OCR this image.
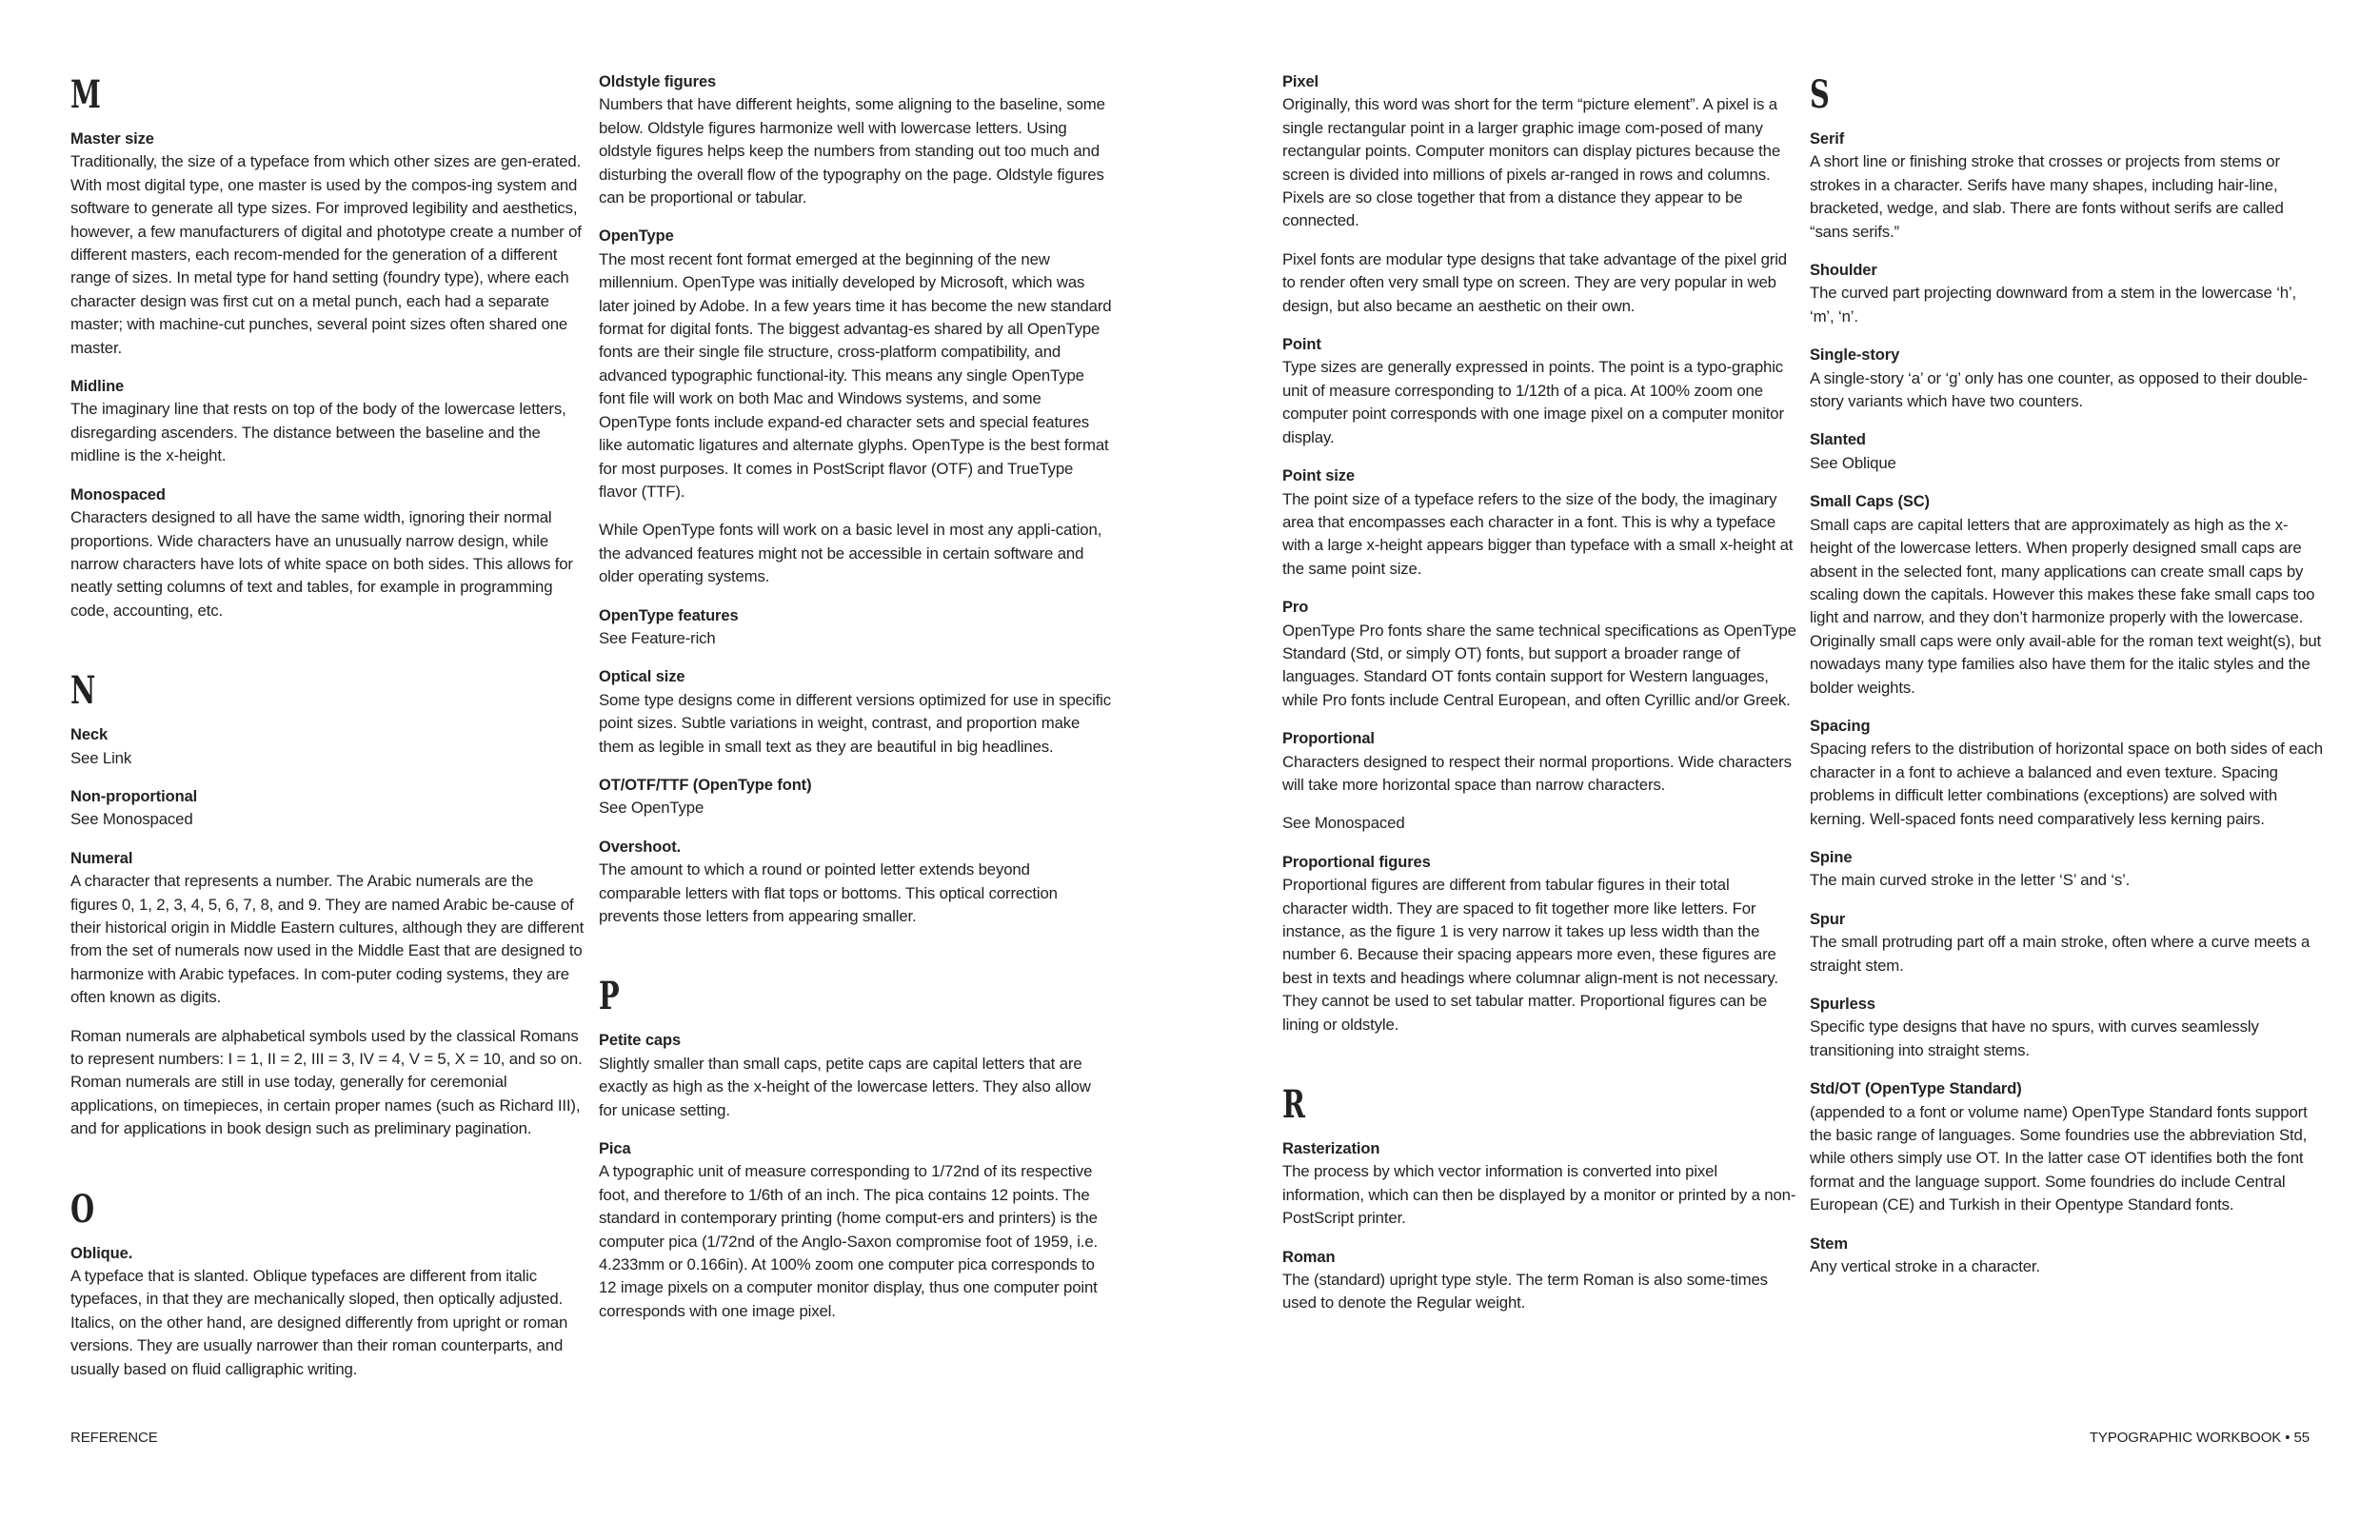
M
Master size
Traditionally, the size of a typeface from which other sizes are gen-erated. With most digital type, one master is used by the compos-ing system and software to generate all type sizes. For improved legibility and aesthetics, however, a few manufacturers of digital and phototype create a number of different masters, each recom-mended for the generation of a different range of sizes. In metal type for hand setting (foundry type), where each character design was first cut on a metal punch, each had a separate master; with machine-cut punches, several point sizes often shared one master.
Midline
The imaginary line that rests on top of the body of the lowercase letters, disregarding ascenders. The distance between the baseline and the midline is the x-height.
Monospaced
Characters designed to all have the same width, ignoring their normal proportions. Wide characters have an unusually narrow design, while narrow characters have lots of white space on both sides. This allows for neatly setting columns of text and tables, for example in programming code, accounting, etc.
N
Neck
See Link
Non-proportional
See Monospaced
Numeral
A character that represents a number. The Arabic numerals are the figures 0, 1, 2, 3, 4, 5, 6, 7, 8, and 9. They are named Arabic be-cause of their historical origin in Middle Eastern cultures, although they are different from the set of numerals now used in the Middle East that are designed to harmonize with Arabic typefaces. In com-puter coding systems, they are often known as digits.
Roman numerals are alphabetical symbols used by the classical Romans to represent numbers: I = 1, II = 2, III = 3, IV = 4, V = 5, X = 10, and so on. Roman numerals are still in use today, generally for ceremonial applications, on timepieces, in certain proper names (such as Richard III), and for applications in book design such as preliminary pagination.
O
Oblique.
A typeface that is slanted. Oblique typefaces are different from italic typefaces, in that they are mechanically sloped, then optically adjusted. Italics, on the other hand, are designed differently from upright or roman versions. They are usually narrower than their roman counterparts, and usually based on fluid calligraphic writing.
Oldstyle figures
Numbers that have different heights, some aligning to the baseline, some below. Oldstyle figures harmonize well with lowercase letters. Using oldstyle figures helps keep the numbers from standing out too much and disturbing the overall flow of the typography on the page. Oldstyle figures can be proportional or tabular.
OpenType
The most recent font format emerged at the beginning of the new millennium. OpenType was initially developed by Microsoft, which was later joined by Adobe. In a few years time it has become the new standard format for digital fonts. The biggest advantag-es shared by all OpenType fonts are their single file structure, cross-platform compatibility, and advanced typographic functional-ity. This means any single OpenType font file will work on both Mac and Windows systems, and some OpenType fonts include expand-ed character sets and special features like automatic ligatures and alternate glyphs. OpenType is the best format for most purposes. It comes in PostScript flavor (OTF) and TrueType flavor (TTF).
While OpenType fonts will work on a basic level in most any appli-cation, the advanced features might not be accessible in certain software and older operating systems.
OpenType features
See Feature-rich
Optical size
Some type designs come in different versions optimized for use in specific point sizes. Subtle variations in weight, contrast, and proportion make them as legible in small text as they are beautiful in big headlines.
OT/OTF/TTF (OpenType font)
See OpenType
Overshoot.
The amount to which a round or pointed letter extends beyond comparable letters with flat tops or bottoms. This optical correction prevents those letters from appearing smaller.
P
Petite caps
Slightly smaller than small caps, petite caps are capital letters that are exactly as high as the x-height of the lowercase letters. They also allow for unicase setting.
Pica
A typographic unit of measure corresponding to 1/72nd of its respective foot, and therefore to 1/6th of an inch. The pica contains 12 points. The standard in contemporary printing (home comput-ers and printers) is the computer pica (1/72nd of the Anglo-Saxon compromise foot of 1959, i.e. 4.233mm or 0.166in). At 100% zoom one computer pica corresponds to 12 image pixels on a computer monitor display, thus one computer point corresponds with one image pixel.
Pixel
Originally, this word was short for the term “picture element”. A pixel is a single rectangular point in a larger graphic image com-posed of many rectangular points. Computer monitors can display pictures because the screen is divided into millions of pixels ar-ranged in rows and columns. Pixels are so close together that from a distance they appear to be connected.
Pixel fonts are modular type designs that take advantage of the pixel grid to render often very small type on screen. They are very popular in web design, but also became an aesthetic on their own.
Point
Type sizes are generally expressed in points. The point is a typo-graphic unit of measure corresponding to 1/12th of a pica. At 100% zoom one computer point corresponds with one image pixel on a computer monitor display.
Point size
The point size of a typeface refers to the size of the body, the imaginary area that encompasses each character in a font. This is why a typeface with a large x-height appears bigger than typeface with a small x-height at the same point size.
Pro
OpenType Pro fonts share the same technical specifications as OpenType Standard (Std, or simply OT) fonts, but support a broader range of languages. Standard OT fonts contain support for Western languages, while Pro fonts include Central European, and often Cyrillic and/or Greek.
Proportional
Characters designed to respect their normal proportions. Wide characters will take more horizontal space than narrow characters.
See Monospaced
Proportional figures
Proportional figures are different from tabular figures in their total character width. They are spaced to fit together more like letters. For instance, as the figure 1 is very narrow it takes up less width than the number 6. Because their spacing appears more even, these figures are best in texts and headings where columnar align-ment is not necessary. They cannot be used to set tabular matter. Proportional figures can be lining or oldstyle.
R
Rasterization
The process by which vector information is converted into pixel information, which can then be displayed by a monitor or printed by a non-PostScript printer.
Roman
The (standard) upright type style. The term Roman is also some-times used to denote the Regular weight.
S
Serif
A short line or finishing stroke that crosses or projects from stems or strokes in a character. Serifs have many shapes, including hair-line, bracketed, wedge, and slab. There are fonts without serifs are called “sans serifs.”
Shoulder
The curved part projecting downward from a stem in the lowercase ‘h’, ‘m’, ‘n’.
Single-story
A single-story ‘a’ or ‘g’ only has one counter, as opposed to their double-story variants which have two counters.
Slanted
See Oblique
Small Caps (SC)
Small caps are capital letters that are approximately as high as the x-height of the lowercase letters. When properly designed small caps are absent in the selected font, many applications can create small caps by scaling down the capitals. However this makes these fake small caps too light and narrow, and they don’t harmonize properly with the lowercase. Originally small caps were only avail-able for the roman text weight(s), but nowadays many type families also have them for the italic styles and the bolder weights.
Spacing
Spacing refers to the distribution of horizontal space on both sides of each character in a font to achieve a balanced and even texture. Spacing problems in difficult letter combinations (exceptions) are solved with kerning. Well-spaced fonts need comparatively less kerning pairs.
Spine
The main curved stroke in the letter ‘S’ and ‘s’.
Spur
The small protruding part off a main stroke, often where a curve meets a straight stem.
Spurless
Specific type designs that have no spurs, with curves seamlessly transitioning into straight stems.
Std/OT (OpenType Standard)
(appended to a font or volume name) OpenType Standard fonts support the basic range of languages. Some foundries use the abbreviation Std, while others simply use OT. In the latter case OT identifies both the font format and the language support. Some foundries do include Central European (CE) and Turkish in their Opentype Standard fonts.
Stem
Any vertical stroke in a character.
REFERENCE	TYPOGRAPHIC WORKBOOK • 55
